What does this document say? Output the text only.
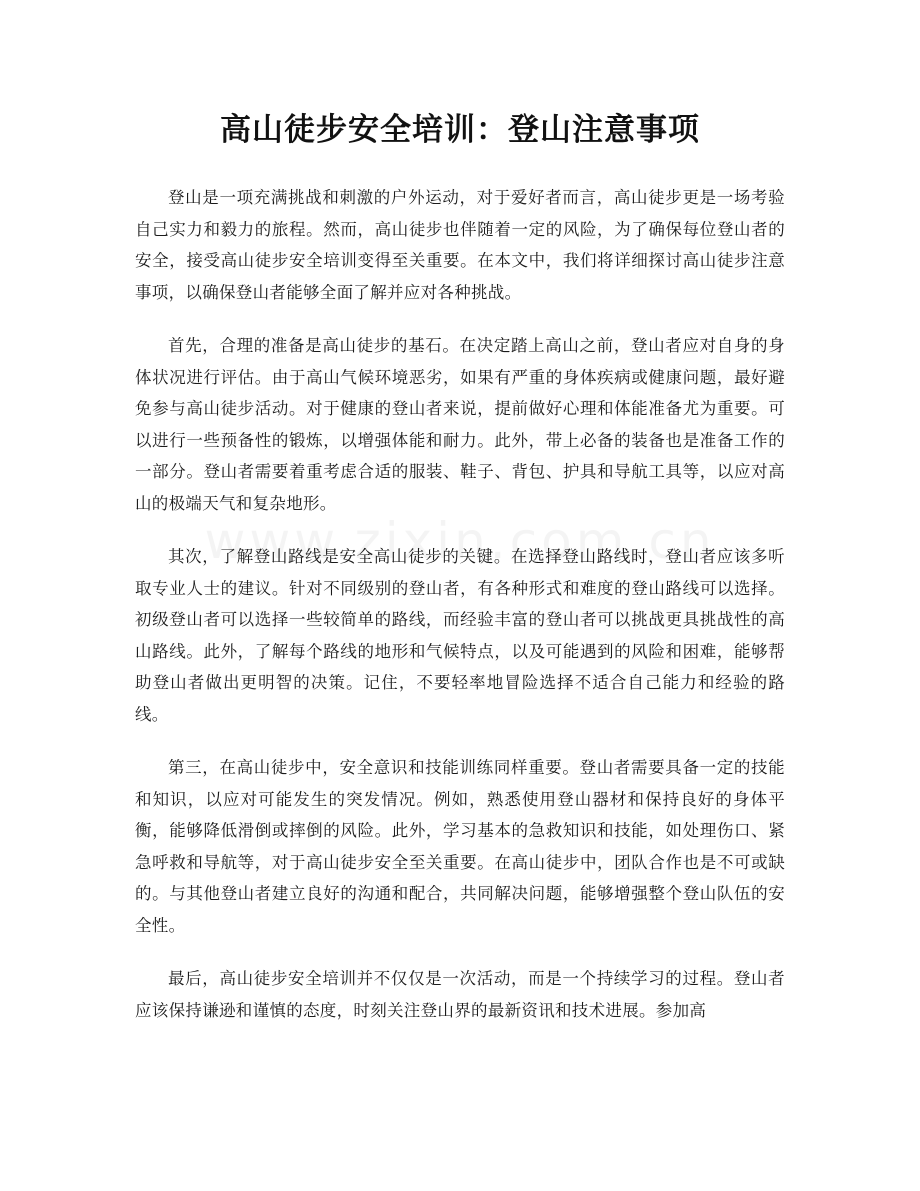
高山徒步安全培训：登山注意事项

登山是一项充满挑战和刺激的户外运动，对于爱好者而言，高山徒步更是一场考验自己实力和毅力的旅程。然而，高山徒步也伴随着一定的风险，为了确保每位登山者的安全，接受高山徒步安全培训变得至关重要。在本文中，我们将详细探讨高山徒步注意事项，以确保登山者能够全面了解并应对各种挑战。

首先，合理的准备是高山徒步的基石。在决定踏上高山之前，登山者应对自身的身体状况进行评估。由于高山气候环境恶劣，如果有严重的身体疾病或健康问题，最好避免参与高山徒步活动。对于健康的登山者来说，提前做好心理和体能准备尤为重要。可以进行一些预备性的锻炼，以增强体能和耐力。此外，带上必备的装备也是准备工作的一部分。登山者需要着重考虑合适的服装、鞋子、背包、护具和导航工具等，以应对高山的极端天气和复杂地形。

其次，了解登山路线是安全高山徒步的关键。在选择登山路线时，登山者应该多听取专业人士的建议。针对不同级别的登山者，有各种形式和难度的登山路线可以选择。初级登山者可以选择一些较简单的路线，而经验丰富的登山者可以挑战更具挑战性的高山路线。此外，了解每个路线的地形和气候特点，以及可能遇到的风险和困难，能够帮助登山者做出更明智的决策。记住，不要轻率地冒险选择不适合自己能力和经验的路线。

第三，在高山徒步中，安全意识和技能训练同样重要。登山者需要具备一定的技能和知识，以应对可能发生的突发情况。例如，熟悉使用登山器材和保持良好的身体平衡，能够降低滑倒或摔倒的风险。此外，学习基本的急救知识和技能，如处理伤口、紧急呼救和导航等，对于高山徒步安全至关重要。在高山徒步中，团队合作也是不可或缺的。与其他登山者建立良好的沟通和配合，共同解决问题，能够增强整个登山队伍的安全性。

最后，高山徒步安全培训并不仅仅是一次活动，而是一个持续学习的过程。登山者应该保持谦逊和谨慎的态度，时刻关注登山界的最新资讯和技术进展。参加高
